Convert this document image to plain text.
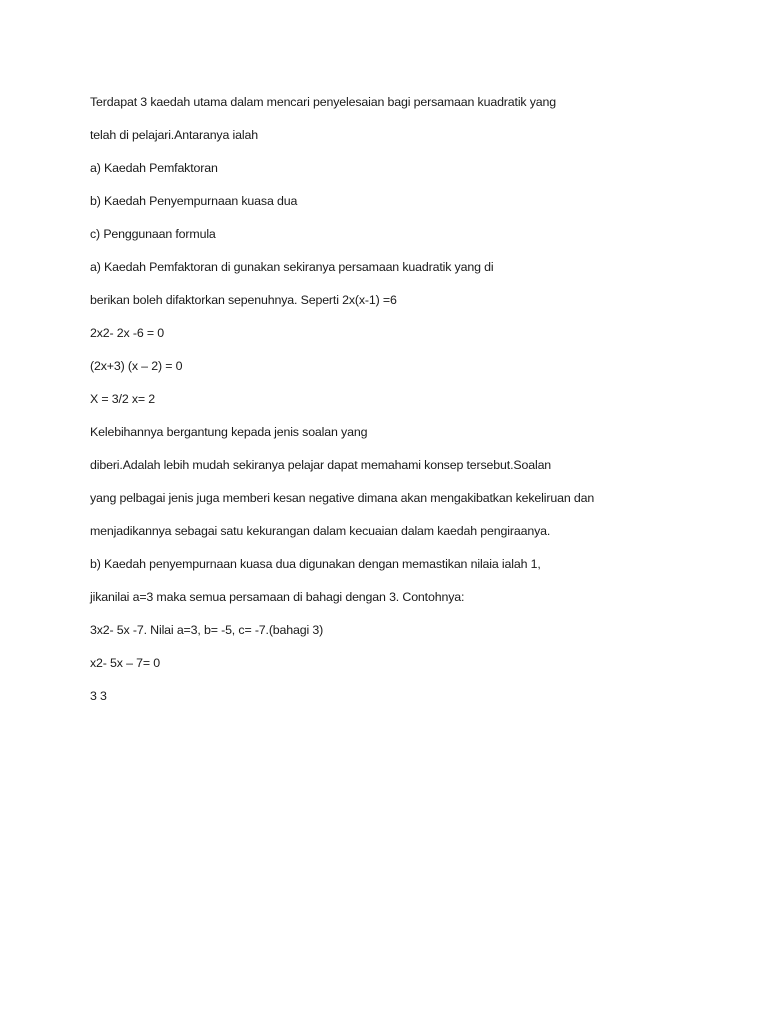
Terdapat 3 kaedah utama dalam mencari penyelesaian bagi persamaan kuadratik yang
telah di pelajari.Antaranya ialah
a) Kaedah Pemfaktoran
b) Kaedah Penyempurnaan kuasa dua
c) Penggunaan formula
a) Kaedah Pemfaktoran di gunakan sekiranya persamaan kuadratik yang di
berikan boleh difaktorkan sepenuhnya. Seperti 2x(x-1) =6
2x2- 2x -6 = 0
(2x+3) (x – 2) = 0
X = 3/2 x= 2
Kelebihannya bergantung kepada jenis soalan yang
diberi.Adalah lebih mudah sekiranya pelajar dapat memahami konsep tersebut.Soalan
yang pelbagai jenis juga memberi kesan negative dimana akan mengakibatkan kekeliruan dan
menjadikannya sebagai satu kekurangan dalam kecuaian dalam kaedah pengiraanya.
b) Kaedah penyempurnaan kuasa dua digunakan dengan memastikan nilaia ialah 1,
jikanilai a=3 maka semua persamaan di bahagi dengan 3. Contohnya:
3x2- 5x -7. Nilai a=3, b= -5, c= -7.(bahagi 3)
x2- 5x – 7= 0
3 3
